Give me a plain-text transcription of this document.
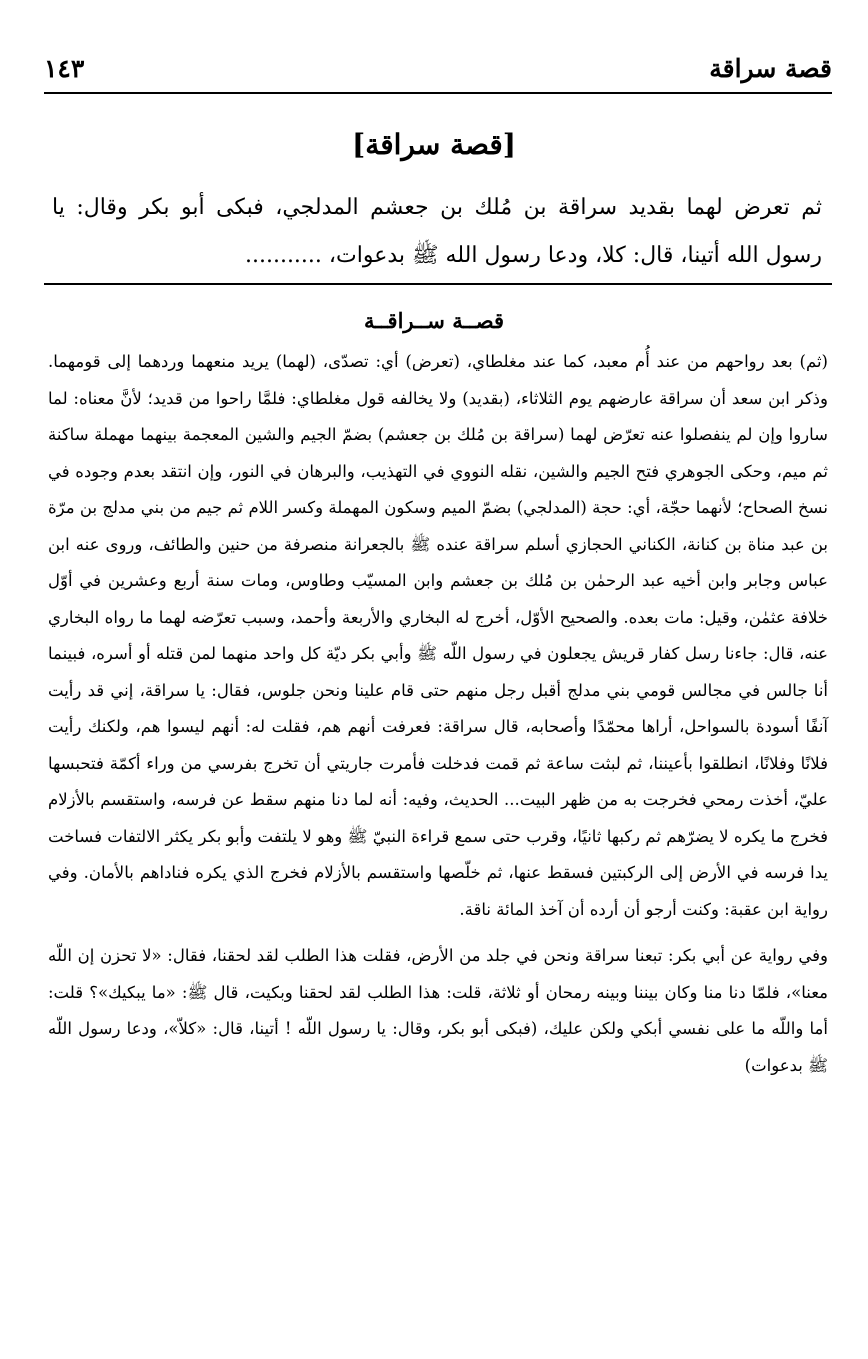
قصة سراقة
١٤٣
[قصة سراقة]
ثم تعرض لهما بقديد سراقة بن مُلك بن جعشم المدلجي، فبكى أبو بكر وقال: يا رسول الله أتينا، قال: كلا، ودعا رسول الله ﷺ بدعوات، ...........
قصــة ســراقــة

(ثم) بعد رواحهم من عند أُم معبد، كما عند مغلطاي، (تعرض) أي: تصدّى، (لهما) يريد منعهما وردهما إلى قومهما. وذكر ابن سعد أن سراقة عارضهم يوم الثلاثاء، (بقديد) ولا يخالفه قول مغلطاي: فلمَّا راحوا من قديد؛ لأنَّ معناه: لما ساروا وإن لم ينفصلوا عنه تعرّض لهما (سراقة بن مُلك بن جعشم) بضمّ الجيم والشين المعجمة بينهما مهملة ساكنة ثم ميم، وحكى الجوهري فتح الجيم والشين، نقله النووي في التهذيب، والبرهان في النور، وإن انتقد بعدم وجوده في نسخ الصحاح؛ لأنهما حجّة، أي: حجة (المدلجي) بضمّ الميم وسكون المهملة وكسر اللام ثم جيم من بني مدلج بن مرّة بن عبد مناة بن كنانة، الكناني الحجازي أسلم سراقة عنده ﷺ بالجعرانة منصرفة من حنين والطائف، وروى عنه ابن عباس وجابر وابن أخيه عبد الرحمٰن بن مُلك بن جعشم وابن المسيّب وطاوس، ومات سنة أربع وعشرين في أوّل خلافة عثمٰن، وقيل: مات بعده. والصحيح الأوّل، أخرج له البخاري والأربعة وأحمد، وسبب تعرّضه لهما ما رواه البخاري عنه، قال: جاءنا رسل كفار قريش يجعلون في رسول اللّه ﷺ وأبي بكر ديّة كل واحد منهما لمن قتله أو أسره، فبينما أنا جالس في مجالس قومي بني مدلج أقبل رجل منهم حتى قام علينا ونحن جلوس، فقال: يا سراقة، إني قد رأيت آنفًا أسودة بالسواحل، أراها محمّدًا وأصحابه، قال سراقة: فعرفت أنهم هم، فقلت له: أنهم ليسوا هم، ولكنك رأيت فلانًا وفلانًا، انطلقوا بأعيننا، ثم لبثت ساعة ثم قمت فدخلت فأمرت جاريتي أن تخرج بفرسي من وراء أكمّة فتحبسها عليّ، أخذت رمحي فخرجت به من ظهر البيت... الحديث، وفيه: أنه لما دنا منهم سقط عن فرسه، واستقسم بالأزلام فخرج ما يكره لا يضرّهم ثم ركبها ثانيًا، وقرب حتى سمع قراءة النبيّ ﷺ وهو لا يلتفت وأبو بكر يكثر الالتفات فساخت يدا فرسه في الأرض إلى الركبتين فسقط عنها، ثم خلّصها واستقسم بالأزلام فخرج الذي يكره فناداهم بالأمان. وفي رواية ابن عقبة: وكنت أرجو أن أرده أن آخذ المائة ناقة.

وفي رواية عن أبي بكر: تبعنا سراقة ونحن في جلد من الأرض، فقلت هذا الطلب لقد لحقنا، فقال: «لا تحزن إن اللّه معنا»، فلمّا دنا منا وكان بيننا وبينه رمحان أو ثلاثة، قلت: هذا الطلب لقد لحقنا وبكيت، قال ﷺ: «ما يبكيك»؟ قلت: أما واللّه ما على نفسي أبكي ولكن عليك، (فبكى أبو بكر، وقال: يا رسول اللّه ! أتينا، قال: «كلاّ»، ودعا رسول اللّه ﷺ بدعوات)
